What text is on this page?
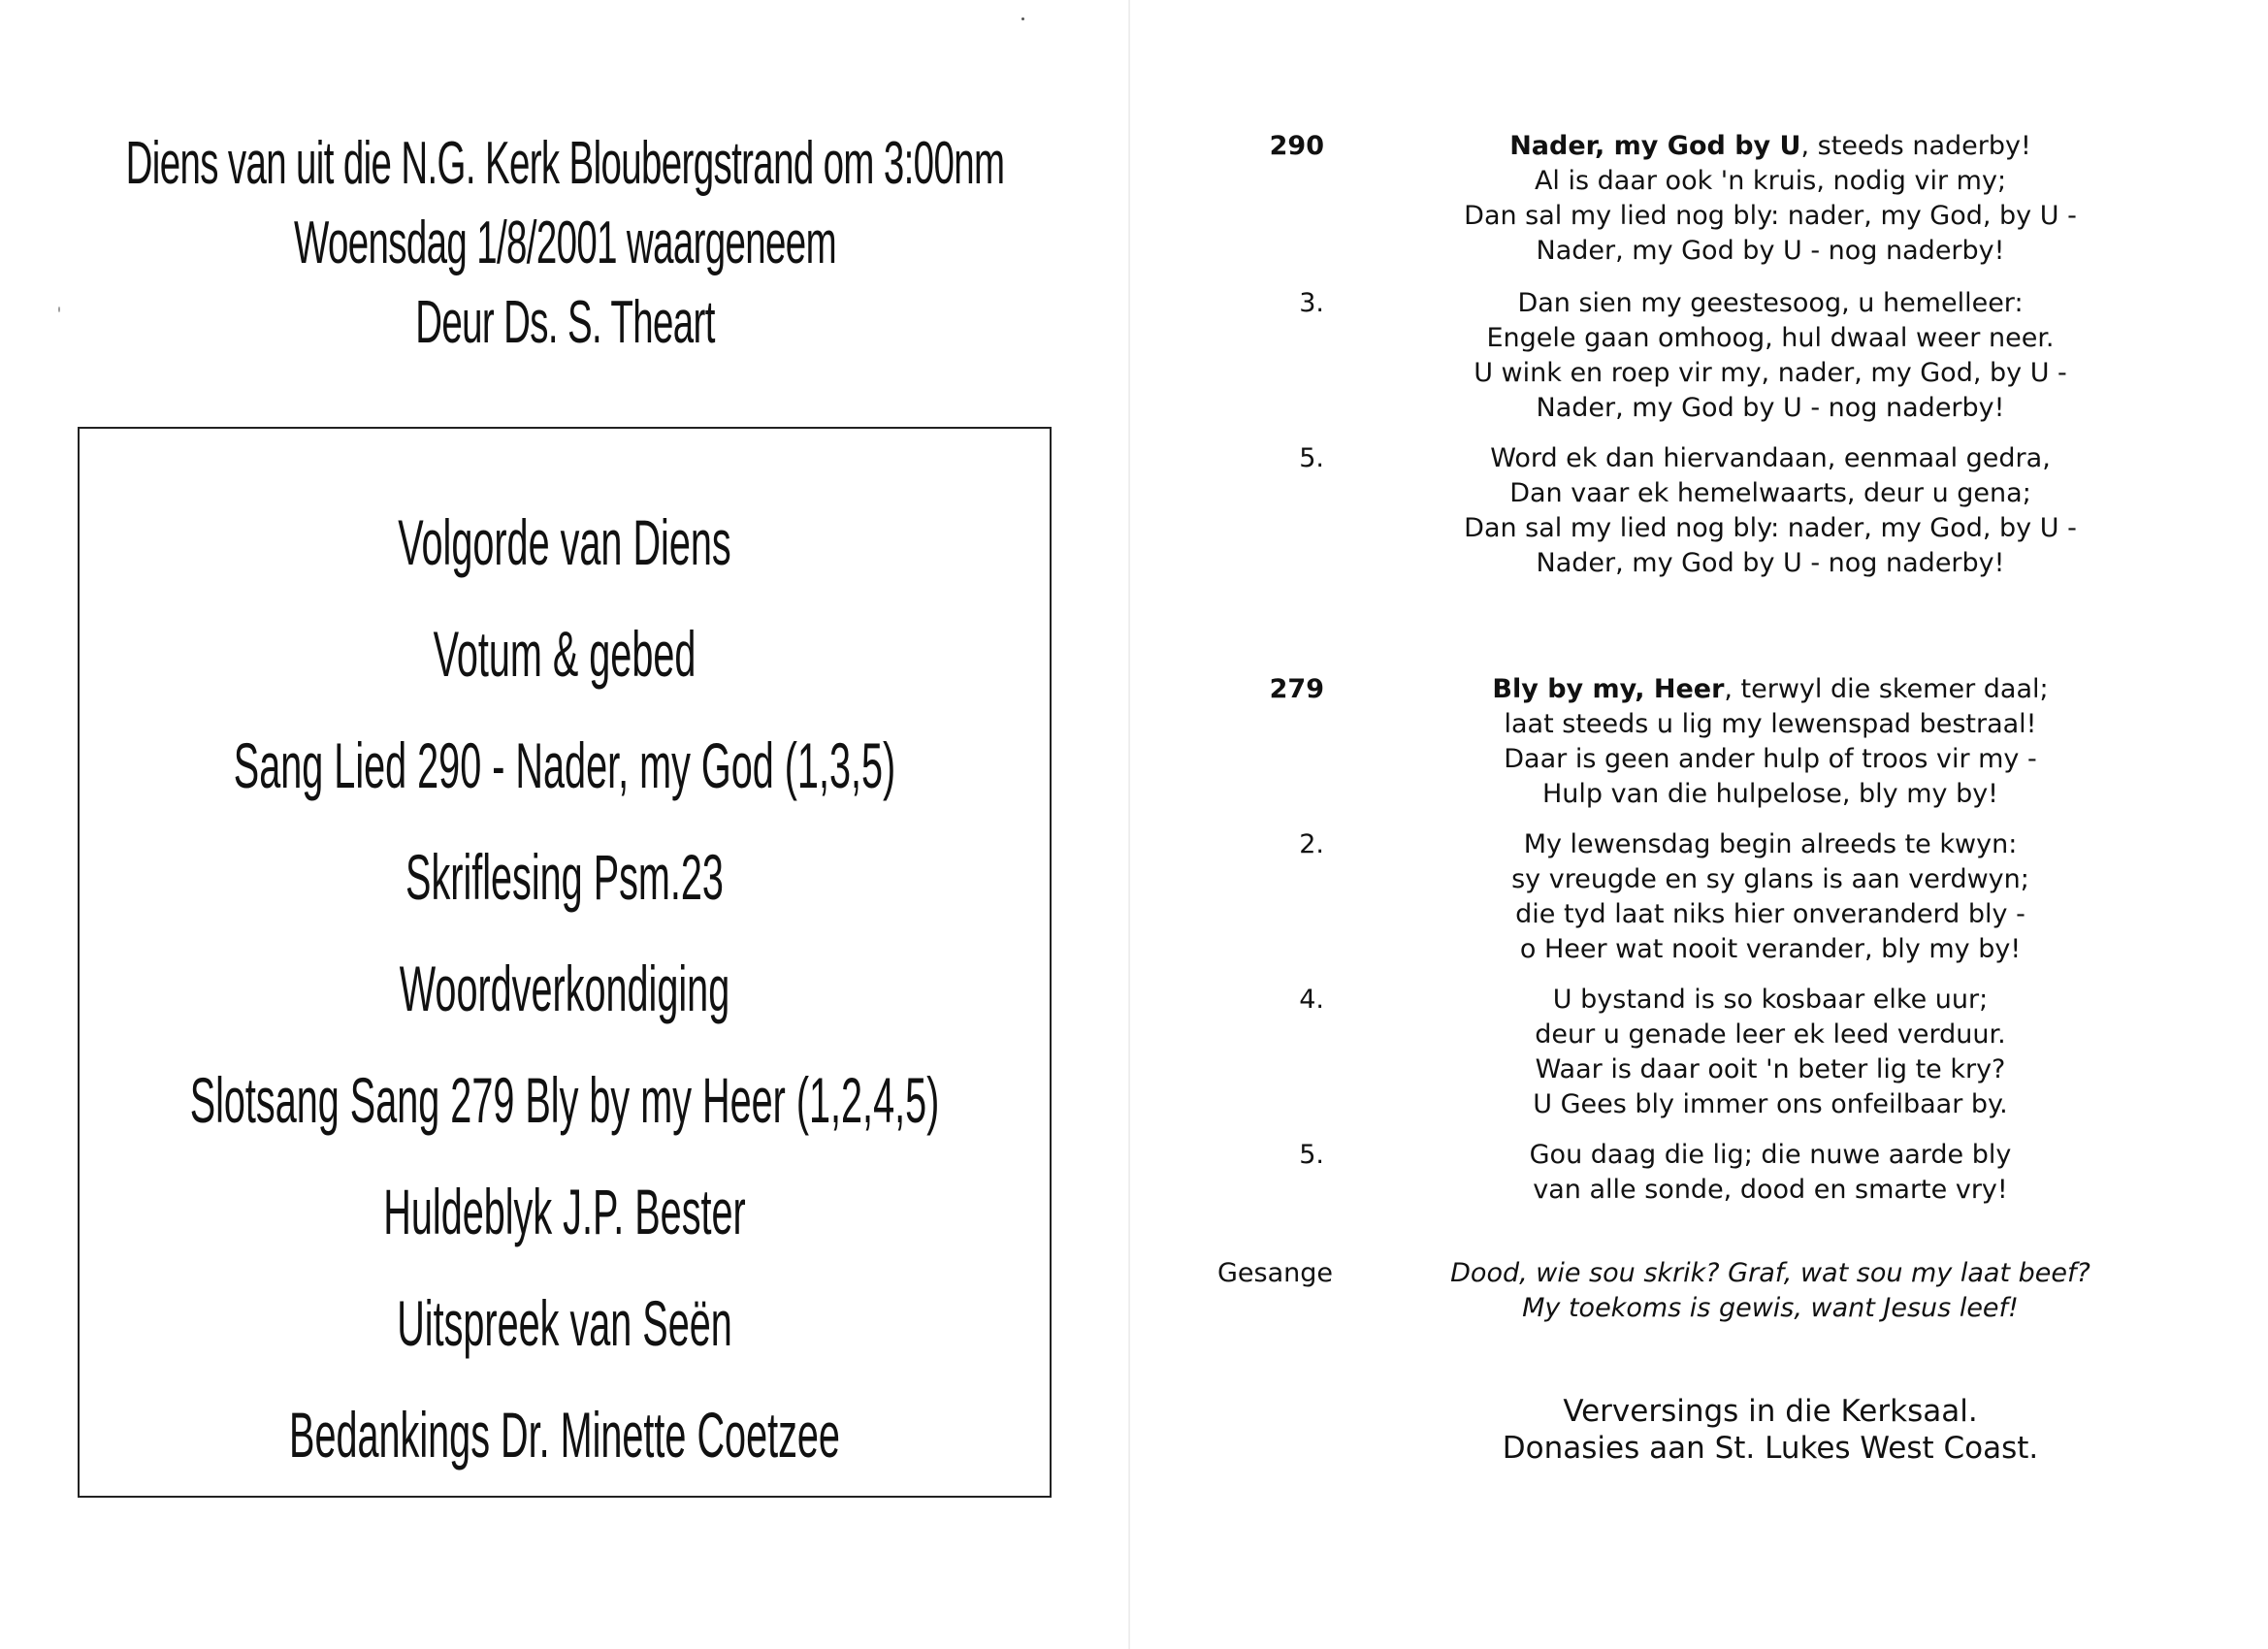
Diens van uit die N.G. Kerk Bloubergstrand om 3:00nm
Woensdag 1/8/2001 waargeneem
Deur Ds. S. Theart
Volgorde van Diens
Votum & gebed
Sang Lied 290 - Nader, my God (1,3,5)
Skriflesing Psm.23
Woordverkondiging
Slotsang Sang 279 Bly by my Heer (1,2,4,5)
Huldeblyk J.P. Bester
Uitspreek van Seën
Bedankings Dr. Minette Coetzee
290	Nader, my God by U, steeds naderby!
Al is daar ook 'n kruis, nodig vir my;
Dan sal my lied nog bly: nader, my God, by U -
Nader, my God by U - nog naderby!
3.	Dan sien my geestesoog, u hemelleer:
Engele gaan omhoog, hul dwaal weer neer.
U wink en roep vir my, nader, my God, by U -
Nader, my God by U - nog naderby!
5.	Word ek dan hiervandaan, eenmaal gedra,
Dan vaar ek hemelwaarts, deur u gena;
Dan sal my lied nog bly: nader, my God, by U -
Nader, my God by U - nog naderby!
279	Bly by my, Heer, terwyl die skemer daal;
laat steeds u lig my lewenspad bestraal!
Daar is geen ander hulp of troos vir my -
Hulp van die hulpelose, bly my by!
2.	My lewensdag begin alreeds te kwyn:
sy vreugde en sy glans is aan verdwyn;
die tyd laat niks hier onveranderd bly -
o Heer wat nooit verander, bly my by!
4.	U bystand is so kosbaar elke uur;
deur u genade leer ek leed verduur.
Waar is daar ooit 'n beter lig te kry?
U Gees bly immer ons onfeilbaar by.
5.	Gou daag die lig; die nuwe aarde bly
van alle sonde, dood en smarte vry!
Gesange	Dood, wie sou skrik? Graf, wat sou my laat beef?
My toekoms is gewis, want Jesus leef!
Verversings in die Kerksaal.
Donasies aan St. Lukes West Coast.
